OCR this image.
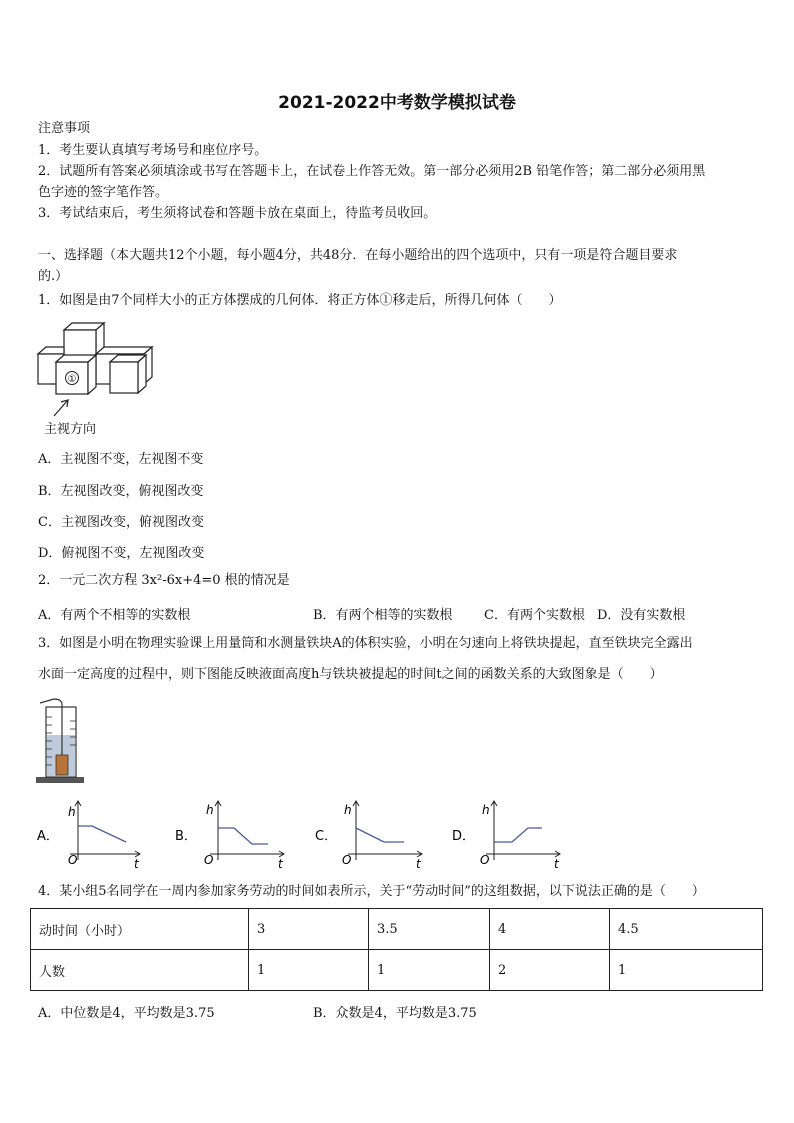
2021-2022中考数学模拟试卷
注意事项
1．考生要认真填写考场号和座位序号。
2．试题所有答案必须填涂或书写在答题卡上，在试卷上作答无效。第一部分必须用2B 铅笔作答；第二部分必须用黑
色字迹的签字笔作答。
3．考试结束后，考生须将试卷和答题卡放在桌面上，待监考员收回。
一、选择题（本大题共12个小题，每小题4分，共48分．在每小题给出的四个选项中，只有一项是符合题目要求
的.）
1．如图是由7个同样大小的正方体摆成的几何体．将正方体①移走后，所得几何体（　　）
①
主视方向
A．主视图不变，左视图不变
B．左视图改变，俯视图改变
C．主视图改变，俯视图改变
D．俯视图不变，左视图改变
2．一元二次方程 3x²-6x+4=0 根的情况是
A．有两个不相等的实数根	B．有两个相等的实数根 C．有两个实数根 D．没有实数根
3．如图是小明在物理实验课上用量筒和水测量铁块A的体积实验，小明在匀速向上将铁块提起，直至铁块完全露出
水面一定高度的过程中，则下图能反映液面高度h与铁块被提起的时间t之间的函数关系的大致图象是（　　）
A．
h
t
O
B．
h
t
O
C．
h
t
O
D．
h
t
O
4．某小组5名同学在一周内参加家务劳动的时间如表所示，关于“劳动时间”的这组数据，以下说法正确的是（　　）
动时间（小时）	3	3.5	4	4.5
人数	1	1	2	1
A．中位数是4，平均数是3.75	B．众数是4，平均数是3.75
